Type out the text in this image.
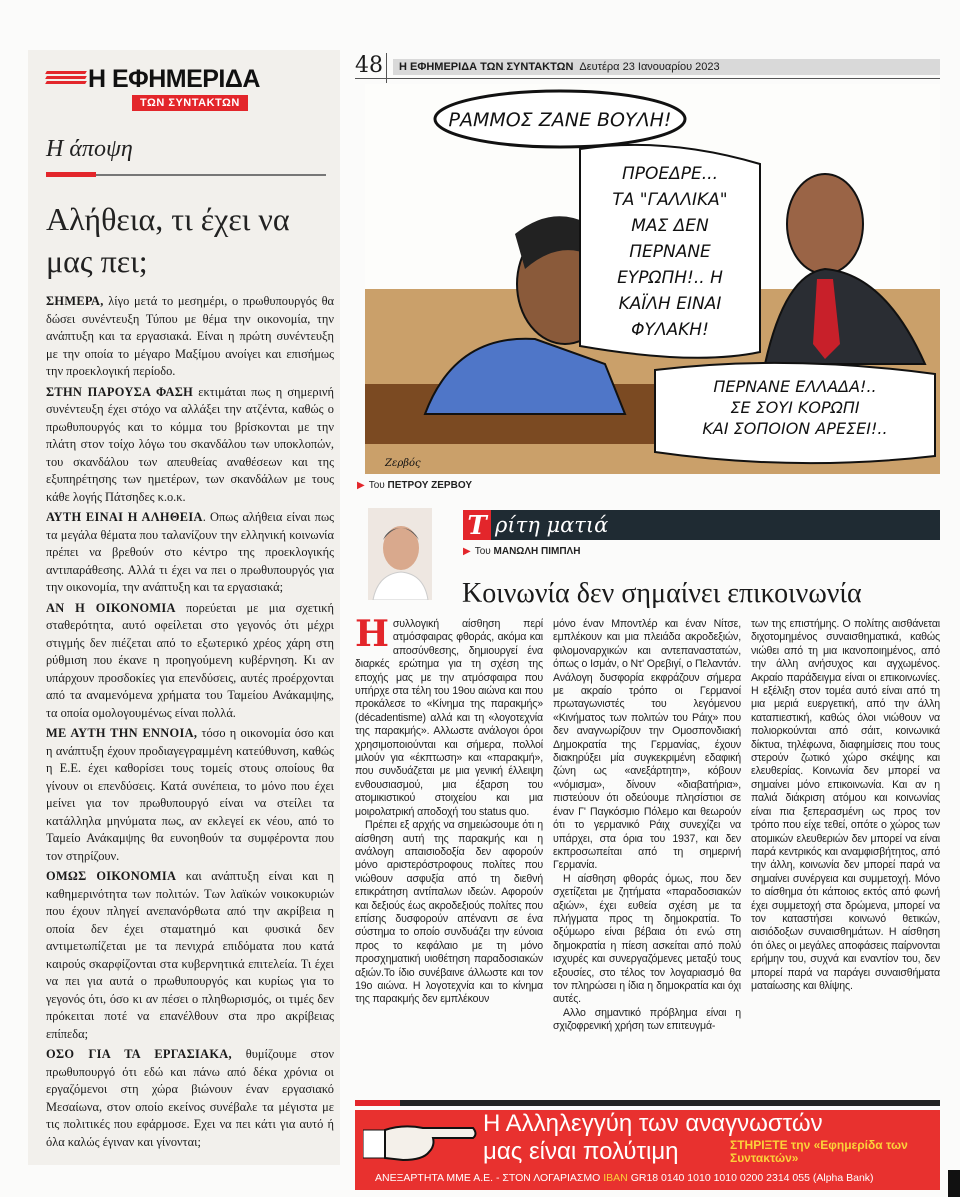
Η ΕΦΗΜΕΡΙΔΑ
ΤΩΝ ΣΥΝΤΑΚΤΩΝ
Η άποψη
Αλήθεια, τι έχει να μας πει;

ΣΗΜΕΡΑ, λίγο μετά το μεσημέρι, ο πρωθυπουργός θα δώσει συνέντευξη Τύπου με θέμα την οικονομία, την ανάπτυξη και τα εργασιακά. Είναι η πρώτη συνέντευξη με την οποία το μέγαρο Μαξίμου ανοίγει και επισήμως την προεκλογική περίοδο.

ΣΤΗΝ ΠΑΡΟΥΣΑ ΦΑΣΗ εκτιμάται πως η σημερινή συνέντευξη έχει στόχο να αλλάξει την ατζέντα, καθώς ο πρωθυπουργός και το κόμμα του βρίσκονται με την πλάτη στον τοίχο λόγω του σκανδάλου των υποκλοπών, του σκανδάλου των απευθείας αναθέσεων και της εξυπηρέτησης των ημετέρων, των σκανδάλων με τους κάθε λογής Πάτσηδες κ.ο.κ.

ΑΥΤΗ ΕΙΝΑΙ Η ΑΛΗΘΕΙΑ. Οπως αλήθεια είναι πως τα μεγάλα θέματα που ταλανίζουν την ελληνική κοινωνία πρέπει να βρεθούν στο κέντρο της προεκλογικής αντιπαράθεσης. Αλλά τι έχει να πει ο πρωθυπουργός για την οικονομία, την ανάπτυξη και τα εργασιακά;

ΑΝ Η ΟΙΚΟΝΟΜΙΑ πορεύεται με μια σχετική σταθερότητα, αυτό οφείλεται στο γεγονός ότι μέχρι στιγμής δεν πιέζεται από το εξωτερικό χρέος χάρη στη ρύθμιση που έκανε η προηγούμενη κυβέρνηση. Κι αν υπάρχουν προσδοκίες για επενδύσεις, αυτές προέρχονται από τα αναμενόμενα χρήματα του Ταμείου Ανάκαμψης, τα οποία ομολογουμένως είναι πολλά.

ΜΕ ΑΥΤΗ ΤΗΝ ΕΝΝΟΙΑ, τόσο η οικονομία όσο και η ανάπτυξη έχουν προδιαγεγραμμένη κατεύθυνση, καθώς η Ε.Ε. έχει καθορίσει τους τομείς στους οποίους θα γίνουν οι επενδύσεις. Κατά συνέπεια, το μόνο που έχει μείνει για τον πρωθυπουργό είναι να στείλει τα κατάλληλα μηνύματα πως, αν εκλεγεί εκ νέου, από το Ταμείο Ανάκαμψης θα ευνοηθούν τα συμφέροντα που τον στηρίζουν.

ΟΜΩΣ ΟΙΚΟΝΟΜΙΑ και ανάπτυξη είναι και η καθημερινότητα των πολιτών. Των λαϊκών νοικοκυριών που έχουν πληγεί ανεπανόρθωτα από την ακρίβεια η οποία δεν έχει σταματημό και φυσικά δεν αντιμετωπίζεται με τα πενιχρά επιδόματα που κατά καιρούς σκαρφίζονται στα κυβερνητικά επιτελεία. Τι έχει να πει για αυτά ο πρωθυπουργός και κυρίως για το γεγονός ότι, όσο κι αν πέσει ο πληθωρισμός, οι τιμές δεν πρόκειται ποτέ να επανέλθουν στα προ ακρίβειας επίπεδα;

ΟΣΟ ΓΙΑ ΤΑ ΕΡΓΑΣΙΑΚΑ, θυμίζουμε στον πρωθυπουργό ότι εδώ και πάνω από δέκα χρόνια οι εργαζόμενοι στη χώρα βιώνουν έναν εργασιακό Μεσαίωνα, στον οποίο εκείνος συνέβαλε τα μέγιστα με τις πολιτικές που εφάρμοσε. Εχει να πει κάτι για αυτό ή όλα καλώς έγιναν και γίνονται;

48	Η ΕΦΗΜΕΡΙΔΑ ΤΩΝ ΣΥΝΤΑΚΤΩΝ Δευτέρα 23 Ιανουαρίου 2023
ΡΑΜΜΟΣ ΖΑΝΕ ΒΟΥΛΗ!
ΠΡΟΕΔΡΕ...
ΤΑ "ΓΑΛΛΙΚΑ"
ΜΑΣ ΔΕΝ
ΠΕΡΝΑΝΕ
ΕΥΡΩΠΗ!.. Η
ΚΑΪΛΗ ΕΙΝΑΙ
ΦΥΛΑΚΗ!
ΠΕΡΝΑΝΕ ΕΛΛΑΔΑ!..
ΣΕ ΣΟΥΙ ΚΟΡΩΠΙ
ΚΑΙ ΣΟΠΟΙΟΝ ΑΡΕΣΕΙ!..
Ζερβός
▶ Του ΠΕΤΡΟΥ ΖΕΡΒΟΥ
Τ ρίτη ματιά
▶ Του ΜΑΝΩΛΗ ΠΙΜΠΛΗ
Κοινωνία δεν σημαίνει επικοινωνία

Η συλλογική αίσθηση περί ατμόσφαιρας φθοράς, ακόμα και αποσύνθεσης, δημιουργεί ένα διαρκές ερώτημα για τη σχέση της εποχής μας με την ατμόσφαιρα που υπήρχε στα τέλη του 19ου αιώνα και που προκάλεσε το «Κίνημα της παρακμής» (décadentisme) αλλά και τη «λογοτεχνία της παρακμής». Αλλωστε ανάλογοι όροι χρησιμοποιούνται και σήμερα, πολλοί μιλούν για «έκπτωση» και «παρακμή», που συνδυάζεται με μια γενική έλλειψη ενθουσιασμού, μια έξαρση του ατομικιστικού στοιχείου και μια μοιρολατρική αποδοχή του status quo.

Πρέπει εξ αρχής να σημειώσουμε ότι η αίσθηση αυτή της παρακμής και η ανάλογη απαισιοδοξία δεν αφορούν μόνο αριστερόστροφους πολίτες που νιώθουν ασφυξία από τη διεθνή επικράτηση αντίπαλων ιδεών. Αφορούν και δεξιούς έως ακροδεξιούς πολίτες που επίσης δυσφορούν απέναντι σε ένα σύστημα το οποίο συνδυάζει την εύνοια προς το κεφάλαιο με τη μόνο προσχηματική υιοθέτηση παραδοσιακών αξιών.Το ίδιο συνέβαινε άλλωστε και τον 19ο αιώνα. Η λογοτεχνία και το κίνημα της παρακμής δεν εμπλέκουν

μόνο έναν Μποντλέρ και έναν Νίτσε, εμπλέκουν και μια πλειάδα ακροδεξιών, φιλομοναρχικών και αντεπαναστατών, όπως ο Ισμάν, ο Ντ' Ορεβιγί, ο Πελαντάν. Ανάλογη δυσφορία εκφράζουν σήμερα με ακραίο τρόπο οι Γερμανοί πρωταγωνιστές του λεγόμενου «Κινήματος των πολιτών του Ράιχ» που δεν αναγνωρίζουν την Ομοσπονδιακή Δημοκρατία της Γερμανίας, έχουν διακηρύξει μία συγκεκριμένη εδαφική ζώνη ως «ανεξάρτητη», κόβουν «νόμισμα», δίνουν «διαβατήρια», πιστεύουν ότι οδεύουμε πλησίστιοι σε έναν Γ' Παγκόσμιο Πόλεμο και θεωρούν ότι το γερμανικό Ράιχ συνεχίζει να υπάρχει, στα όρια του 1937, και δεν εκπροσωπείται από τη σημερινή Γερμανία.

Η αίσθηση φθοράς όμως, που δεν σχετίζεται με ζητήματα «παραδοσιακών αξιών», έχει ευθεία σχέση με τα πλήγματα προς τη δημοκρατία. Το οξύμωρο είναι βέβαια ότι ενώ στη δημοκρατία η πίεση ασκείται από πολύ ισχυρές και συνεργαζόμενες μεταξύ τους εξουσίες, στο τέλος τον λογαριασμό θα τον πληρώσει η ίδια η δημοκρατία και όχι αυτές.

Αλλο σημαντικό πρόβλημα είναι η σχιζοφρενική χρήση των επιτευγμά-

των της επιστήμης. Ο πολίτης αισθάνεται διχοτομημένος συναισθηματικά, καθώς νιώθει από τη μια ικανοποιημένος, από την άλλη ανήσυχος και αγχωμένος. Ακραίο παράδειγμα είναι οι επικοινωνίες. Η εξέλιξη στον τομέα αυτό είναι από τη μια μεριά ευεργετική, από την άλλη καταπιεστική, καθώς όλοι νιώθουν να πολιορκούνται από σάιτ, κοινωνικά δίκτυα, τηλέφωνα, διαφημίσεις που τους στερούν ζωτικό χώρο σκέψης και ελευθερίας. Κοινωνία δεν μπορεί να σημαίνει μόνο επικοινωνία. Και αν η παλιά διάκριση ατόμου και κοινωνίας είναι πια ξεπερασμένη ως προς τον τρόπο που είχε τεθεί, οπότε ο χώρος των ατομικών ελευθεριών δεν μπορεί να είναι παρά κεντρικός και αναμφισβήτητος, από την άλλη, κοινωνία δεν μπορεί παρά να σημαίνει συνέργεια και συμμετοχή. Μόνο το αίσθημα ότι κάποιος εκτός από φωνή έχει συμμετοχή στα δρώμενα, μπορεί να τον καταστήσει κοινωνό θετικών, αισιόδοξων συναισθημάτων. Η αίσθηση ότι όλες οι μεγάλες αποφάσεις παίρνονται ερήμην του, συχνά και εναντίον του, δεν μπορεί παρά να παράγει συναισθήματα ματαίωσης και θλίψης.

Η Αλληλεγγύη των αναγνωστών
μας είναι πολύτιμη	ΣΤΗΡΙΞΤΕ την «Εφημερίδα των Συντακτών»
ΑΝΕΞΑΡΤΗΤΑ ΜΜΕ Α.Ε. - ΣΤΟΝ ΛΟΓΑΡΙΑΣΜΟ IBAN GR18 0140 1010 1010 0200 2314 055 (Alpha Bank)
